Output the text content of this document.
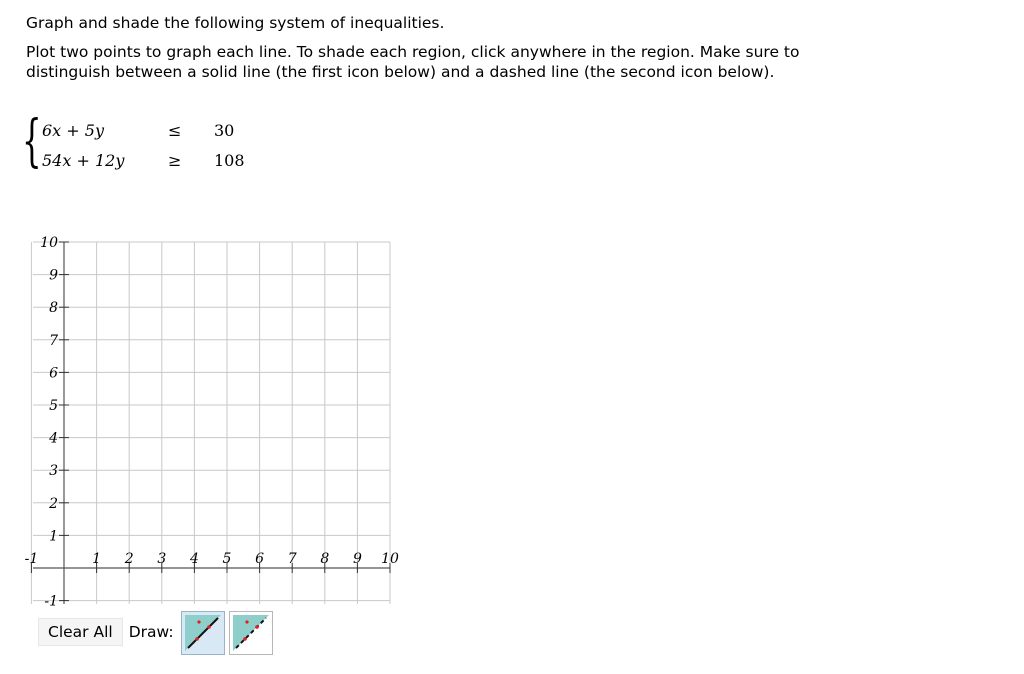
Graph and shade the following system of inequalities.
Plot two points to graph each line. To shade each region, click anywhere in the region. Make sure to distinguish between a solid line (the first icon below) and a dashed line (the second icon below).
{ 6x + 5y	≤ 30
54x + 12y	≥ 108
10
9
8
7
6
5
4
3
2
1
-1
-1	1 2 3 4 5 6 7 8 9 10
Clear All	Draw:
